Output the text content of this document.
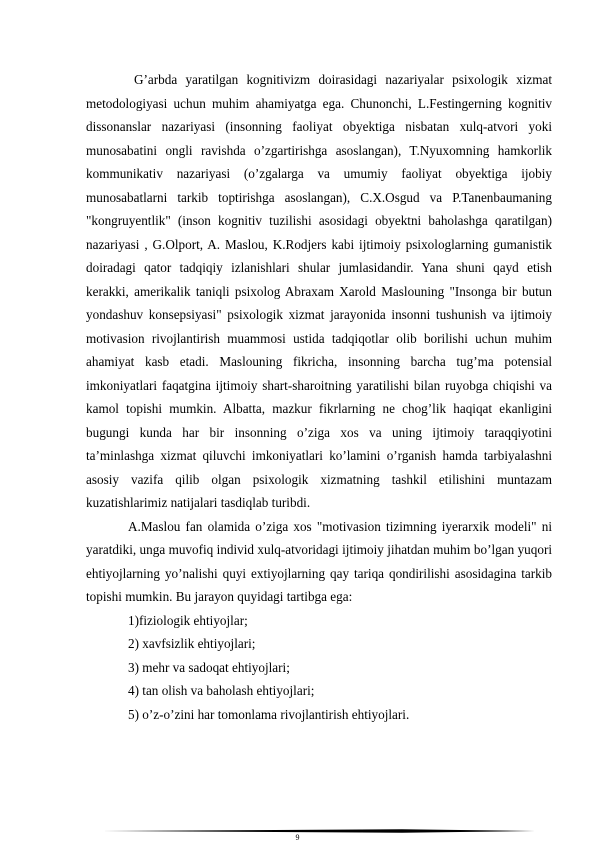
G’arbda yaratilgan kognitivizm doirasidagi nazariyalar psixologik xizmat metodologiyasi uchun muhim ahamiyatga ega. Chunonchi, L.Festingerning kognitiv dissonanslar nazariyasi (insonning faoliyat obyektiga nisbatan xulq-atvori yoki munosabatini ongli ravishda o’zgartirishga asoslangan), T.Nyuxomning hamkorlik kommunikativ nazariyasi (o’zgalarga va umumiy faoliyat obyektiga ijobiy munosabatlarni tarkib toptirishga asoslangan), C.X.Osgud va P.Tanenbaumaning "kongruyentlik" (inson kognitiv tuzilishi asosidagi obyektni baholashga qaratilgan) nazariyasi , G.Olport, A. Maslou, K.Rodjers kabi ijtimoiy psixologlarning gumanistik doiradagi qator tadqiqiy izlanishlari shular jumlasidandir. Yana shuni qayd etish kerakki, amerikalik taniqli psixolog Abraxam Xarold Maslouning "Insonga bir butun yondashuv konsepsiyasi" psixologik xizmat jarayonida insonni tushunish va ijtimoiy motivasion rivojlantirish muammosi ustida tadqiqotlar olib borilishi uchun muhim ahamiyat kasb etadi. Maslouning fikricha, insonning barcha tug’ma potensial imkoniyatlari faqatgina ijtimoiy shart-sharoitning yaratilishi bilan ruyobga chiqishi va kamol topishi mumkin. Albatta, mazkur fikrlarning ne chog’lik haqiqat ekanligini bugungi kunda har bir insonning o’ziga xos va uning ijtimoiy taraqqiyotini ta’minlashga xizmat qiluvchi imkoniyatlari ko’lamini o’rganish hamda tarbiyalashni asosiy vazifa qilib olgan psixologik xizmatning tashkil etilishini muntazam kuzatishlarimiz natijalari tasdiqlab turibdi.

A.Maslou fan olamida o’ziga xos "motivasion tizimning iyerarxik modeli" ni yaratdiki, unga muvofiq individ xulq-atvoridagi ijtimoiy jihatdan muhim bo’lgan yuqori ehtiyojlarning yo’nalishi quyi extiyojlarning qay tariqa qondirilishi asosidagina tarkib topishi mumkin. Bu jarayon quyidagi tartibga ega:

1)fiziologik ehtiyojlar;

2) xavfsizlik ehtiyojlari;

3) mehr va sadoqat ehtiyojlari;

4) tan olish va baholash ehtiyojlari;

5) o’z-o’zini har tomonlama rivojlantirish ehtiyojlari.

9
